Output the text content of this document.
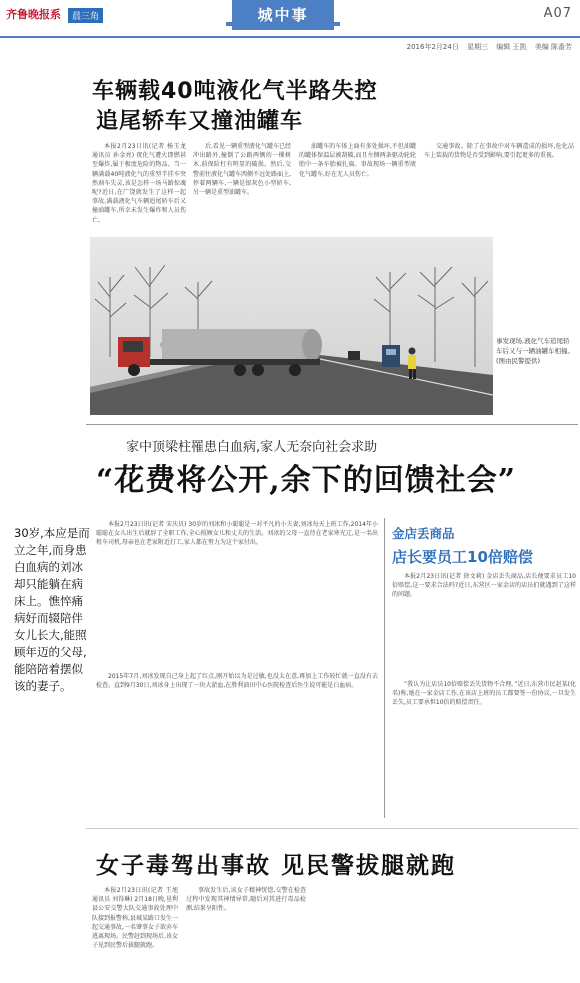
齐鲁晚报系	晨三角	城中事	A07
2016年2月24日 星期三 编辑 王凯 美编 陈番芳
车辆载40吨液化气半路失控
追尾轿车又撞油罐车

本报2月23日讯(记者 杨玉龙 通讯员 孙金亮) 夜化气遭火即燃甚至爆炸,属于极度危险的物品。当一辆满载40吨液化气的重型半挂车突然刹车失灵,该是怎样一场马路惊魂呢?近日,在广饶就发生了这样一起事故,满载液化气车辆追尾轿车后又撞油罐车,所幸未发生爆炸和人员伤亡。

后,看见一辆重型液化气罐车已经冲出路外,撞倒了公路两侧的一棵树木,前保险杠有明显的破损。然后,交警前往液化气罐车西侧不远处路面上,停着两辆车,一辆是银灰色小型轿车,另一辆是重型油罐车。

油罐车的车体上面有多处损坏,不但油罐的罐体保温层被刮破,而且左侧两条驱动轮轮胎中一条车胎被扎扁。事故现场一辆重型液化气罐车,好在无人员伤亡。

交通事故。除了在事故中对车辆造成的损坏,危化品车上装载的货物是否受到影响,要引起更多的重视。

事发现场,液化气车追尾轿车后又与一辆油罐车相撞。(图由民警提供)
家中顶梁柱罹患白血病,家人无奈向社会求助
“花费将公开,余下的回馈社会”
30岁,本应是而立之年,而身患白血病的刘冰却只能躺在病床上。憔悴痛病好而辍陪伴女儿长大,能照顾年迈的父母,能陪陪着摆似该的妻子。

本报2月23日讯(记者 宋庆贝) 30岁的刘冰和小聪聪是一对平凡的小夫妻,刘冰每天上班工作,2014年小聪聪在女儿出生后就辞了全职工作,全心照顾女儿和丈夫的生活。刘冰的父母一直待在老家寒光辽,是一名出租车司机,母亲也在老家附近打工,家人都在努力为这个家付出。

2015年7月,刘冰发现自己身上起了红点,刚开始以为是过敏,也没太在意,再加上工作较忙就一直没有去检查。直到9月30日,刘冰身上出现了一块大淤血,在胜利油田中心医院检查后医生说可能是白血病。

金店丢商品
店长要员工10倍赔偿

本报2月23日讯(记者 徐文莉) 金店丢失商品,店长便要求员工10倍赔偿,这一要求合法吗?近日,东营区一家金店的店员们就遇到了这样的问题。

“我认为让店员10倍赔偿丢失货物不合理。”近日,东营市民赵某(化名)称,她在一家金店工作,在该店上班的员工都要签一份协议,一旦发生丢失,员工要承担10倍的赔偿责任。

女子毒驾出事故 见民警拔腿就跑

本报2月23日讯(记者 王旭 通讯员 刘得琳) 2月18日晚,垦利县公安交警大队交通事故处理中队接到报警称,县城某路口发生一起交通事故,一名肇事女子欲弃车逃离现场。民警赶到现场后,该女子见到民警后拔腿就跑。

事故发生后,该女子精神恍惚,交警在检查过程中发现其神情异常,随后对其进行毒品检测,结果呈阳性。
